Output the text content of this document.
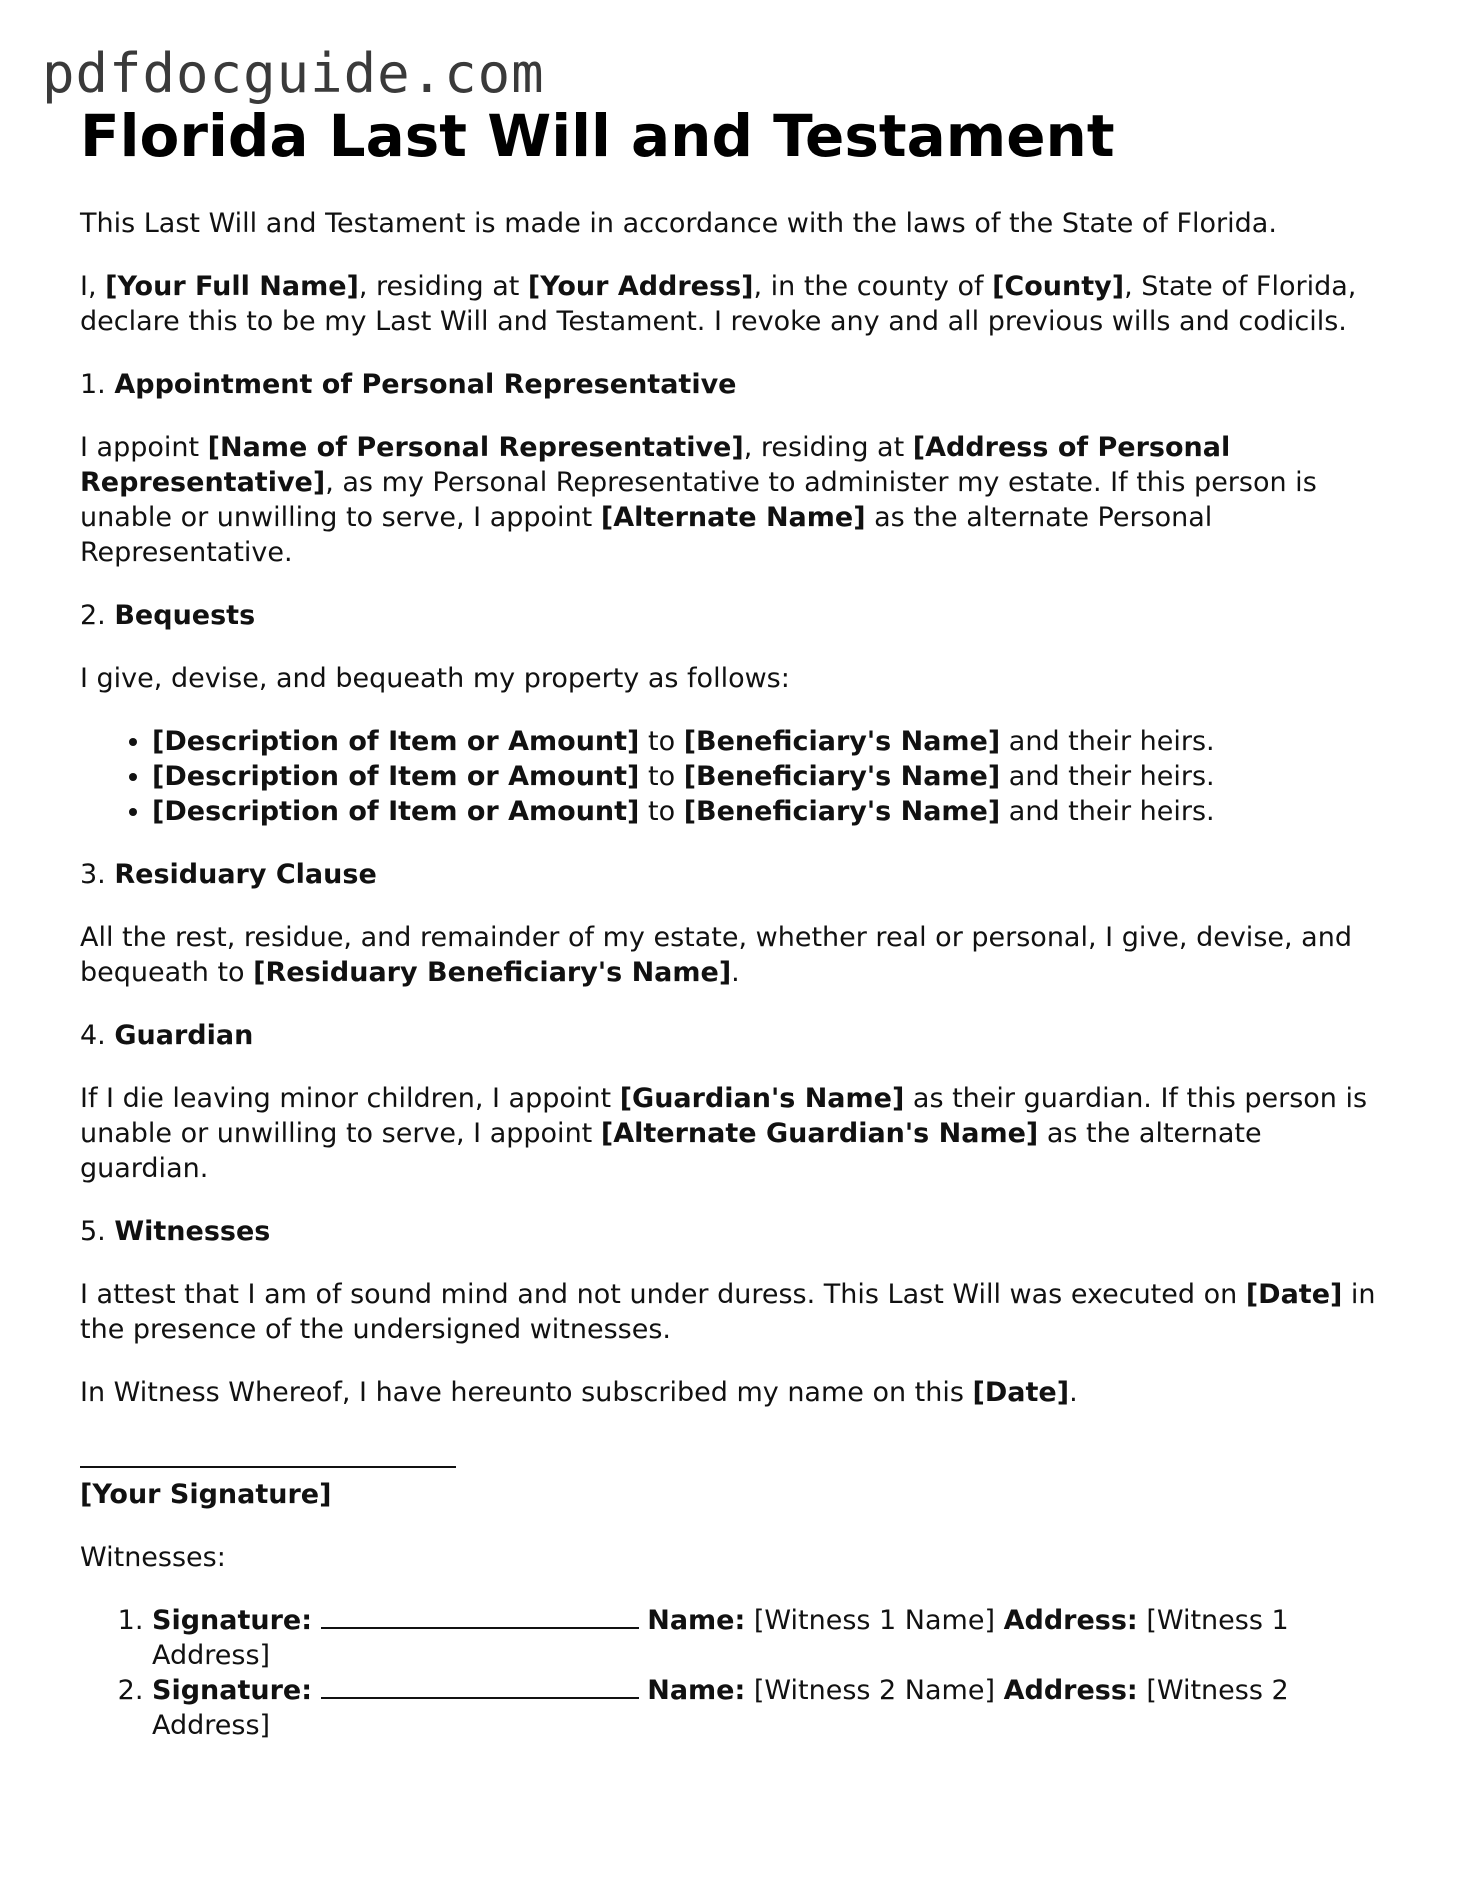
pdfdocguide.com
Florida Last Will and Testament

This Last Will and Testament is made in accordance with the laws of the State of Florida.

I, [Your Full Name], residing at [Your Address], in the county of [County], State of Florida, declare this to be my Last Will and Testament. I revoke any and all previous wills and codicils.

1. Appointment of Personal Representative

I appoint [Name of Personal Representative], residing at [Address of Personal Representative], as my Personal Representative to administer my estate. If this person is unable or unwilling to serve, I appoint [Alternate Name] as the alternate Personal Representative.

2. Bequests

I give, devise, and bequeath my property as follows:

• [Description of Item or Amount] to [Beneficiary's Name] and their heirs.
• [Description of Item or Amount] to [Beneficiary's Name] and their heirs.
• [Description of Item or Amount] to [Beneficiary's Name] and their heirs.

3. Residuary Clause

All the rest, residue, and remainder of my estate, whether real or personal, I give, devise, and bequeath to [Residuary Beneficiary's Name].

4. Guardian

If I die leaving minor children, I appoint [Guardian's Name] as their guardian. If this person is unable or unwilling to serve, I appoint [Alternate Guardian's Name] as the alternate guardian.

5. Witnesses

I attest that I am of sound mind and not under duress. This Last Will was executed on [Date] in the presence of the undersigned witnesses.

In Witness Whereof, I have hereunto subscribed my name on this [Date].

[Your Signature]

Witnesses:

1. Signature:	Name: [Witness 1 Name] Address: [Witness 1 Address]
2. Signature:	Name: [Witness 2 Name] Address: [Witness 2 Address]
